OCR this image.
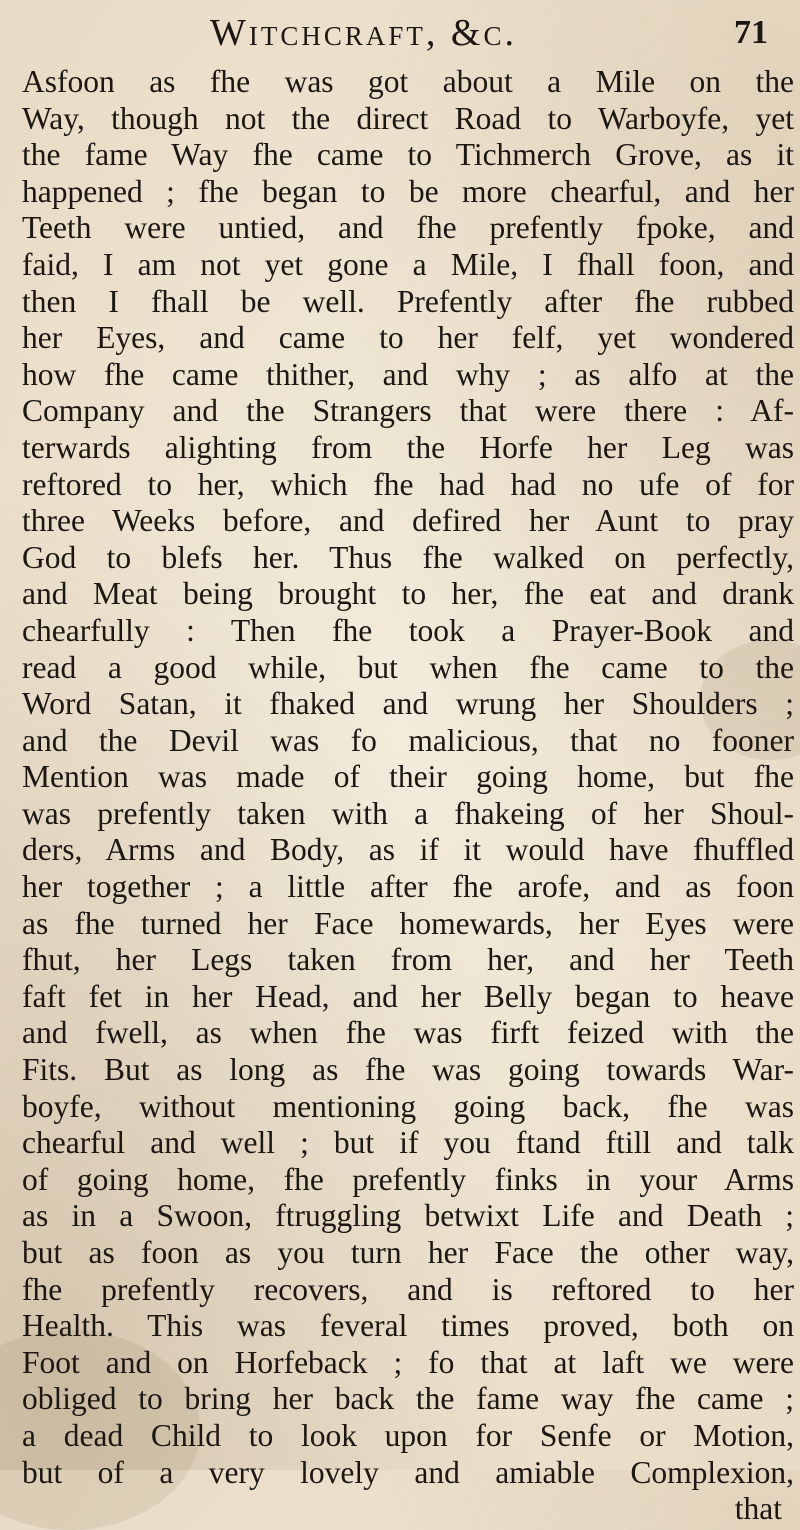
Witchcraft, &c.	71
Asfoon as fhe was got about a Mile on the
Way, though not the direct Road to Warboyfe, yet
the fame Way fhe came to Tichmerch Grove, as it
happened ; fhe began to be more chearful, and her
Teeth were untied, and fhe prefently fpoke, and
faid, I am not yet gone a Mile, I fhall foon, and
then I fhall be well. Prefently after fhe rubbed
her Eyes, and came to her felf, yet wondered
how fhe came thither, and why ; as alfo at the
Company and the Strangers that were there : Af-
terwards alighting from the Horfe her Leg was
reftored to her, which fhe had had no ufe of for
three Weeks before, and defired her Aunt to pray
God to blefs her. Thus fhe walked on perfectly,
and Meat being brought to her, fhe eat and drank
chearfully : Then fhe took a Prayer-Book and
read a good while, but when fhe came to the
Word Satan, it fhaked and wrung her Shoulders ;
and the Devil was fo malicious, that no fooner
Mention was made of their going home, but fhe
was prefently taken with a fhakeing of her Shoul-
ders, Arms and Body, as if it would have fhuffled
her together ; a little after fhe arofe, and as foon
as fhe turned her Face homewards, her Eyes were
fhut, her Legs taken from her, and her Teeth
faft fet in her Head, and her Belly began to heave
and fwell, as when fhe was firft feized with the
Fits. But as long as fhe was going towards War-
boyfe, without mentioning going back, fhe was
chearful and well ; but if you ftand ftill and talk
of going home, fhe prefently finks in your Arms
as in a Swoon, ftruggling betwixt Life and Death ;
but as foon as you turn her Face the other way,
fhe prefently recovers, and is reftored to her
Health. This was feveral times proved, both on
Foot and on Horfeback ; fo that at laft we were
obliged to bring her back the fame way fhe came ;
a dead Child to look upon for Senfe or Motion,
but of a very lovely and amiable Complexion,
that
